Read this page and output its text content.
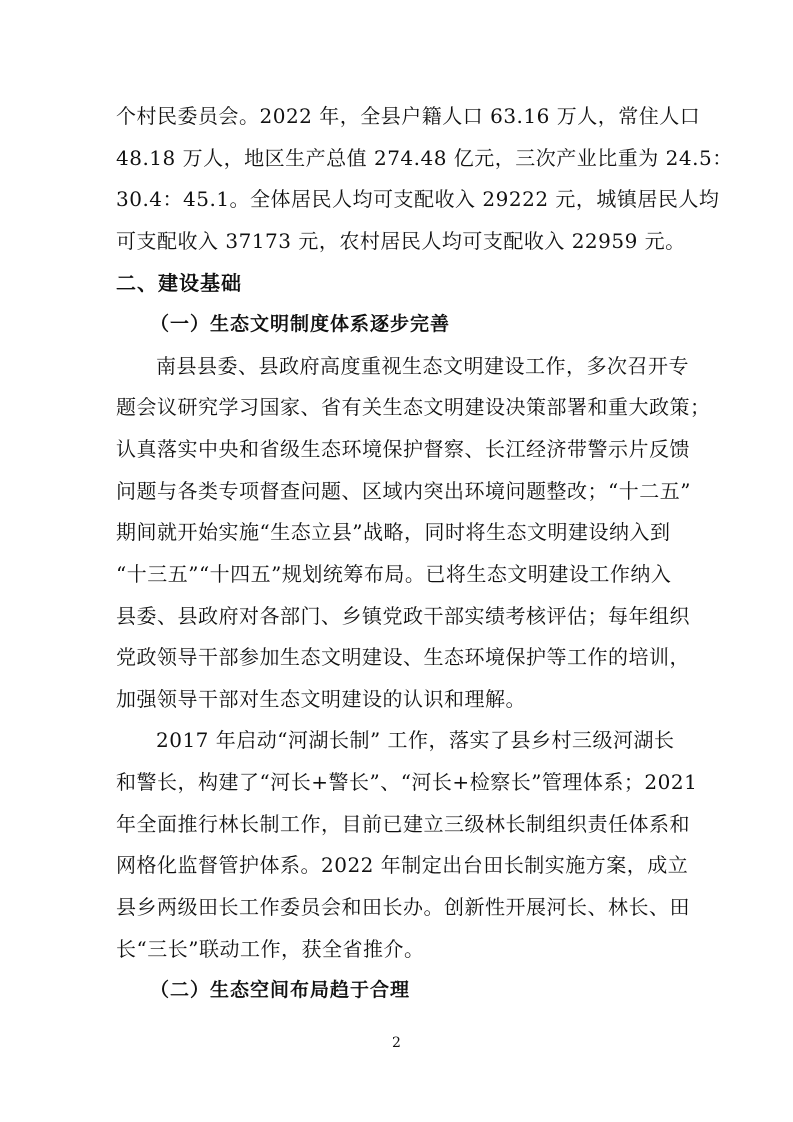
个村民委员会。2022 年，全县户籍人口 63.16 万人，常住人口
48.18 万人，地区生产总值 274.48 亿元，三次产业比重为 24.5：
30.4：45.1。全体居民人均可支配收入 29222 元，城镇居民人均
可支配收入 37173 元，农村居民人均可支配收入 22959 元。
二、建设基础
（一）生态文明制度体系逐步完善
南县县委、县政府高度重视生态文明建设工作，多次召开专
题会议研究学习国家、省有关生态文明建设决策部署和重大政策；
认真落实中央和省级生态环境保护督察、长江经济带警示片反馈
问题与各类专项督查问题、区域内突出环境问题整改；“十二五”
期间就开始实施“生态立县”战略，同时将生态文明建设纳入到
“十三五”“十四五”规划统筹布局。已将生态文明建设工作纳入
县委、县政府对各部门、乡镇党政干部实绩考核评估；每年组织
党政领导干部参加生态文明建设、生态环境保护等工作的培训，
加强领导干部对生态文明建设的认识和理解。
2017 年启动“河湖长制” 工作，落实了县乡村三级河湖长
和警长，构建了“河长+警长”、“河长+检察长”管理体系；2021
年全面推行林长制工作，目前已建立三级林长制组织责任体系和
网格化监督管护体系。2022 年制定出台田长制实施方案，成立
县乡两级田长工作委员会和田长办。创新性开展河长、林长、田
长“三长”联动工作，获全省推介。
（二）生态空间布局趋于合理
2
